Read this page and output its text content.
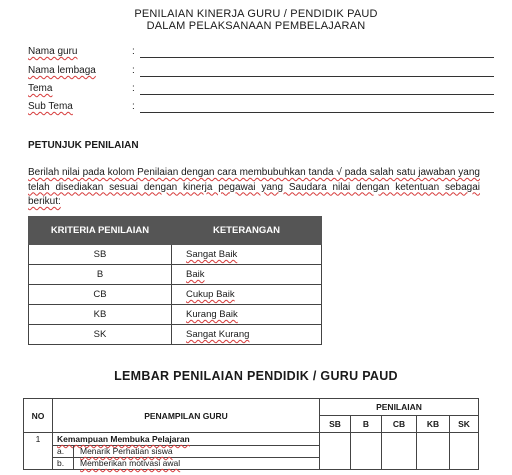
PENILAIAN KINERJA GURU / PENDIDIK PAUD
DALAM PELAKSANAAN PEMBELAJARAN
Nama guru	:
Nama lembaga	:
Tema	:
Sub Tema	:
PETUNJUK PENILAIAN
Berilah nilai pada kolom Penilaian dengan cara membubuhkan tanda √ pada salah satu jawaban yang telah disediakan sesuai dengan kinerja pegawai yang Saudara nilai dengan ketentuan sebagai berikut:
KRITERIA PENILAIAN	KETERANGAN
SB	Sangat Baik
B	Baik
CB	Cukup Baik
KB	Kurang Baik
SK	Sangat Kurang
LEMBAR PENILAIAN PENDIDIK / GURU PAUD
NO	PENAMPILAN GURU	PENILAIAN				
		SB	B	CB	KB	SK
1	Kemampuan Membuka Pelajaran
a. Menarik Perhatian siswa
b. Memberikan motivasi awal					
